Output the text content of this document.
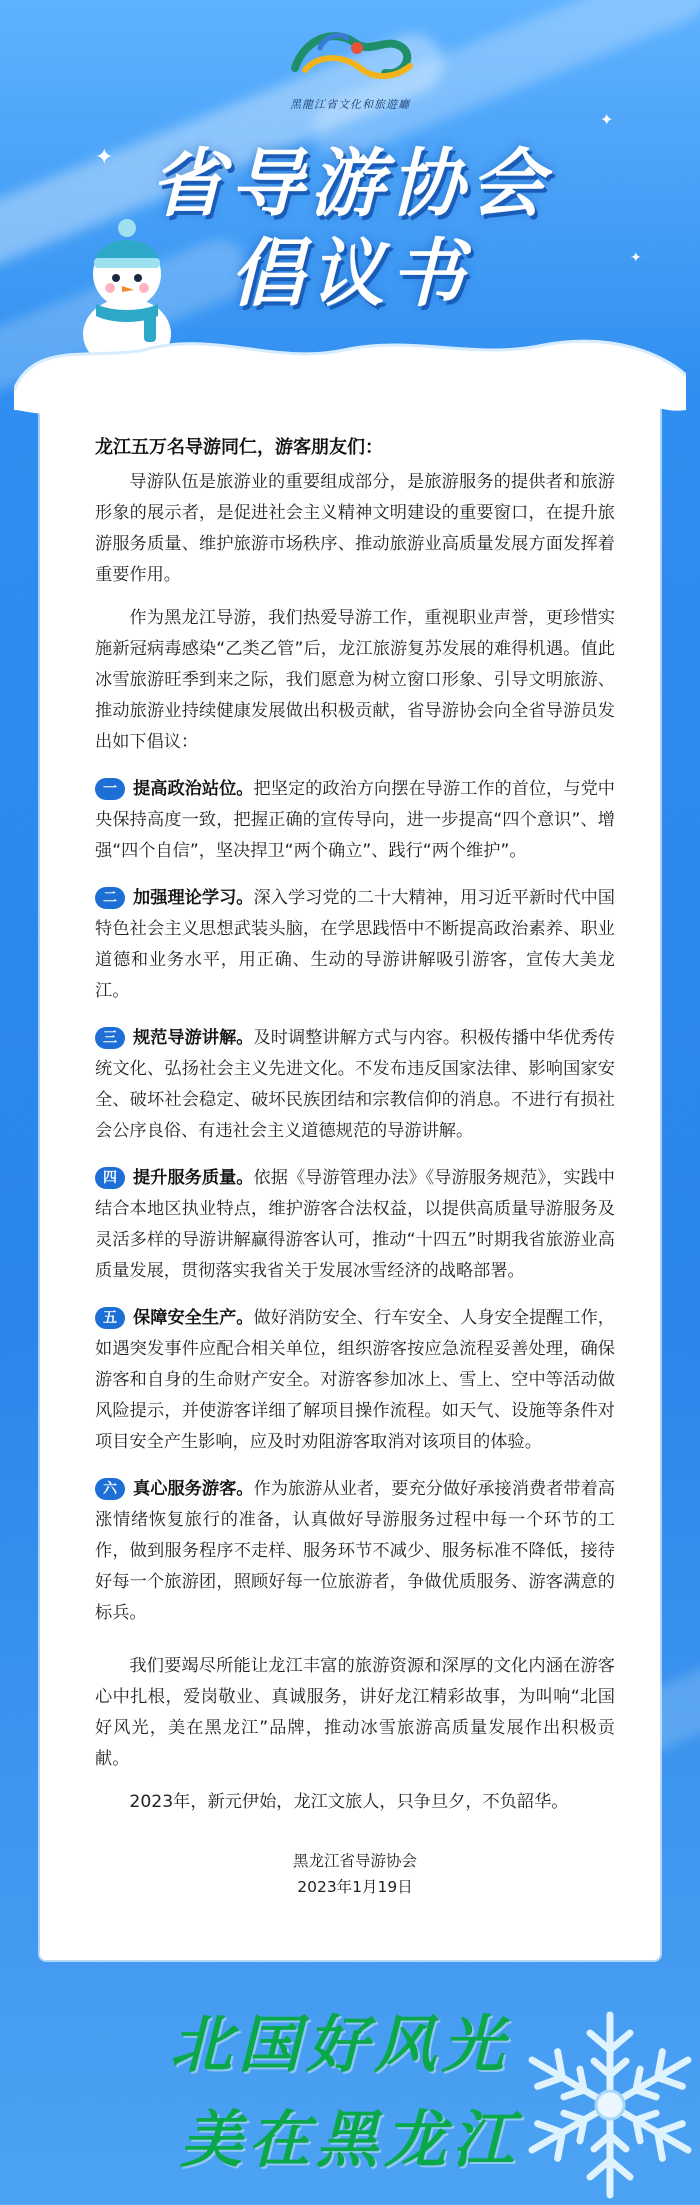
✦
✦
✦
黑龍江省文化和旅遊廳
省导游协会
倡议书
龙江五万名导游同仁，游客朋友们：

导游队伍是旅游业的重要组成部分，是旅游服务的提供者和旅游形象的展示者，是促进社会主义精神文明建设的重要窗口，在提升旅游服务质量、维护旅游市场秩序、推动旅游业高质量发展方面发挥着重要作用。

作为黑龙江导游，我们热爱导游工作，重视职业声誉，更珍惜实施新冠病毒感染“乙类乙管”后，龙江旅游复苏发展的难得机遇。值此冰雪旅游旺季到来之际，我们愿意为树立窗口形象、引导文明旅游、推动旅游业持续健康发展做出积极贡献，省导游协会向全省导游员发出如下倡议：

一 提高政治站位。把坚定的政治方向摆在导游工作的首位，与党中央保持高度一致，把握正确的宣传导向，进一步提高“四个意识”、增强“四个自信”，坚决捍卫“两个确立”、践行“两个维护”。

二 加强理论学习。深入学习党的二十大精神，用习近平新时代中国特色社会主义思想武装头脑，在学思践悟中不断提高政治素养、职业道德和业务水平，用正确、生动的导游讲解吸引游客，宣传大美龙江。

三 规范导游讲解。及时调整讲解方式与内容。积极传播中华优秀传统文化、弘扬社会主义先进文化。不发布违反国家法律、影响国家安全、破坏社会稳定、破坏民族团结和宗教信仰的消息。不进行有损社会公序良俗、有违社会主义道德规范的导游讲解。

四 提升服务质量。依据《导游管理办法》《导游服务规范》，实践中结合本地区执业特点，维护游客合法权益，以提供高质量导游服务及灵活多样的导游讲解赢得游客认可，推动“十四五”时期我省旅游业高质量发展，贯彻落实我省关于发展冰雪经济的战略部署。

五 保障安全生产。做好消防安全、行车安全、人身安全提醒工作，如遇突发事件应配合相关单位，组织游客按应急流程妥善处理，确保游客和自身的生命财产安全。对游客参加冰上、雪上、空中等活动做风险提示，并使游客详细了解项目操作流程。如天气、设施等条件对项目安全产生影响，应及时劝阻游客取消对该项目的体验。

六 真心服务游客。作为旅游从业者，要充分做好承接消费者带着高涨情绪恢复旅行的准备，认真做好导游服务过程中每一个环节的工作，做到服务程序不走样、服务环节不减少、服务标准不降低，接待好每一个旅游团，照顾好每一位旅游者，争做优质服务、游客满意的标兵。

我们要竭尽所能让龙江丰富的旅游资源和深厚的文化内涵在游客心中扎根，爱岗敬业、真诚服务，讲好龙江精彩故事，为叫响“北国好风光，美在黑龙江”品牌，推动冰雪旅游高质量发展作出积极贡献。

2023年，新元伊始，龙江文旅人，只争旦夕，不负韶华。

黑龙江省导游协会
2023年1月19日
北国好风光
美在黑龙江
